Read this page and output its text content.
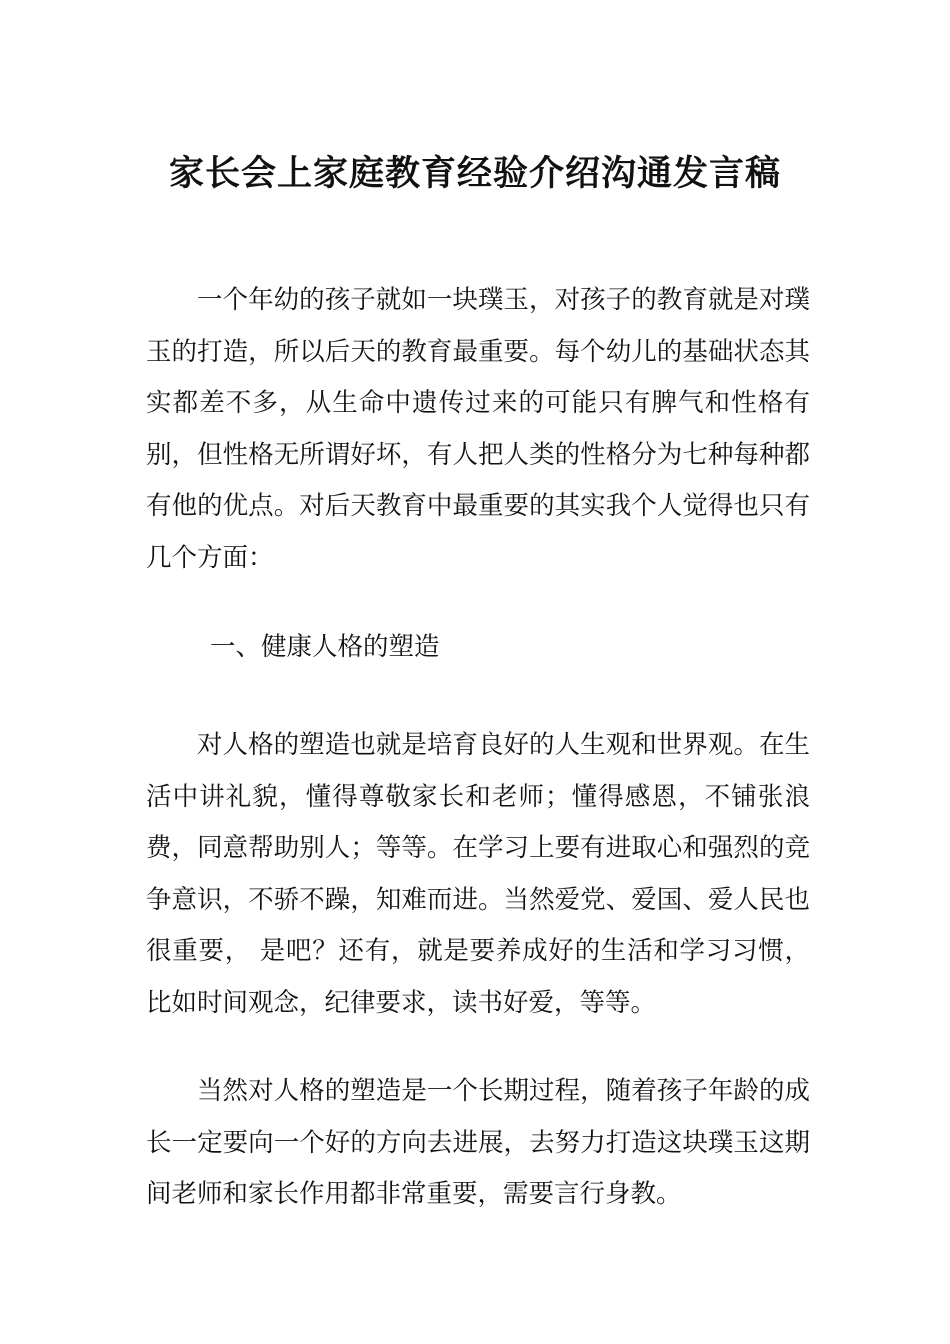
家长会上家庭教育经验介绍沟通发言稿

一个年幼的孩子就如一块璞玉，对孩子的教育就是对璞玉的打造，所以后天的教育最重要。每个幼儿的基础状态其实都差不多，从生命中遗传过来的可能只有脾气和性格有别，但性格无所谓好坏，有人把人类的性格分为七种每种都有他的优点。对后天教育中最重要的其实我个人觉得也只有几个方面：

一、健康人格的塑造

对人格的塑造也就是培育良好的人生观和世界观。在生活中讲礼貌，懂得尊敬家长和老师；懂得感恩，不铺张浪费，同意帮助别人；等等。在学习上要有进取心和强烈的竞争意识，不骄不躁，知难而进。当然爱党、爱国、爱人民也很重要， 是吧？还有，就是要养成好的生活和学习习惯，比如时间观念，纪律要求，读书好爱，等等。

当然对人格的塑造是一个长期过程，随着孩子年龄的成长一定要向一个好的方向去进展，去努力打造这块璞玉这期间老师和家长作用都非常重要，需要言行身教。
